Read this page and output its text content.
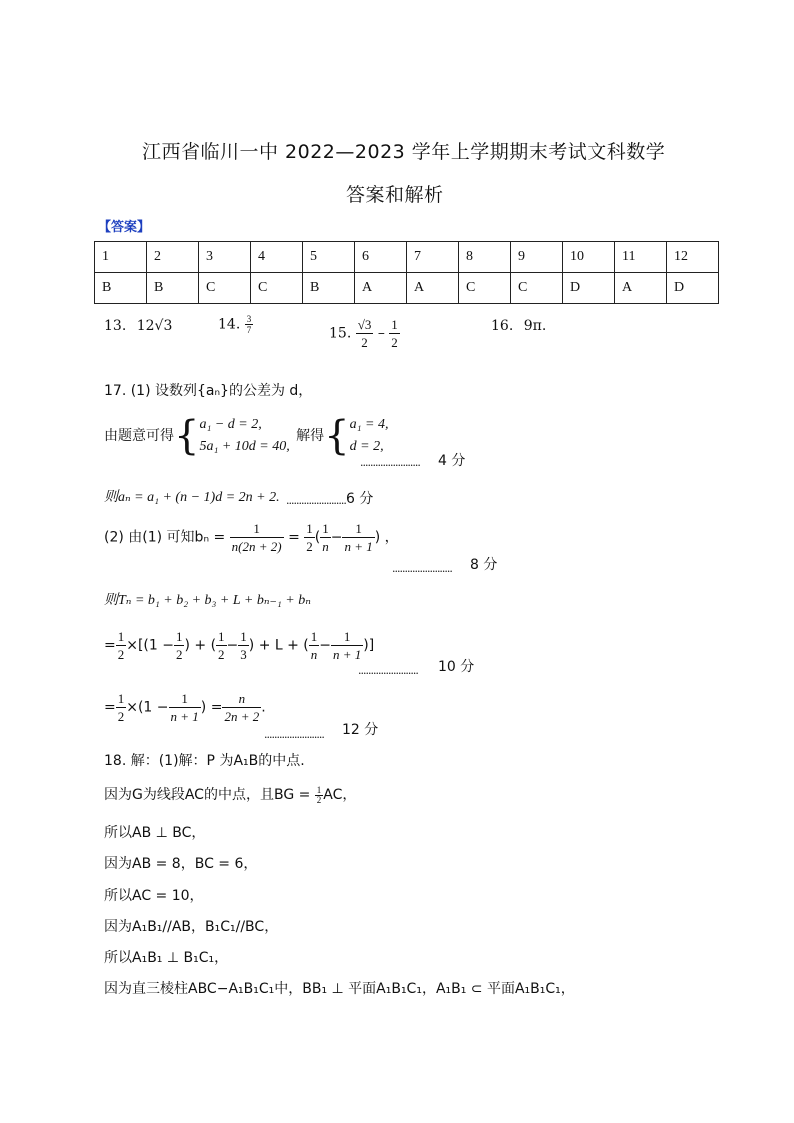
江西省临川一中 2022—2023 学年上学期期末考试文科数学
答案和解析
【答案】
1	2	3	4	5	6	7	8	9	10	11	12
B	B	C	C	B	A	A	C	C	D	A	D
13. 12√3	14. $\frac{3}{7}$	15. $\frac{√3}{2} - \frac{1}{2}$	16. 9π.
17. (1) 设数列{aₙ}的公差为 d，
由题意可得{ a₁ − d = 2,
5a₁ + 10d = 40,
解得{ a₁ = 4,
d = 2,
........................ 4 分
则aₙ = a₁ + (n − 1)d = 2n + 2. ........................ 6 分
(2) 由(1) 可知$b_n = \frac{1}{n(2n + 2)} = \frac{1}{2}$ ( $\frac{1}{n} - \frac{1}{n + 1}$ ) ，
........................ 8 分
则Tₙ = b₁ + b₂ + b₃ + L + bₙ₋₁ + bₙ
= $\frac{1}{2} \times[(1 - \frac{1}{2}$ ) + ( $\frac{1}{2} - \frac{1}{3}$ ) + L + ( $\frac{1}{n} - \frac{1}{n + 1}$ )]
........................ 10 分
= $\frac{1}{2} \times(1 - \frac{1}{n + 1}$ ) = $\frac{n}{2n + 2}$ .
........................ 12 分
18. 解：(1)解：P 为A₁B的中点.
因为G为线段AC的中点，且BG = $\frac{1}{2}$ AC，
所以AB ⊥ BC，
因为AB = 8，BC = 6，
所以AC = 10，
因为A₁B₁//AB，B₁C₁//BC，
所以A₁B₁ ⊥ B₁C₁，
因为直三棱柱ABC−A₁B₁C₁中，BB₁ ⊥ 平面A₁B₁C₁，A₁B₁ ⊂ 平面A₁B₁C₁，
